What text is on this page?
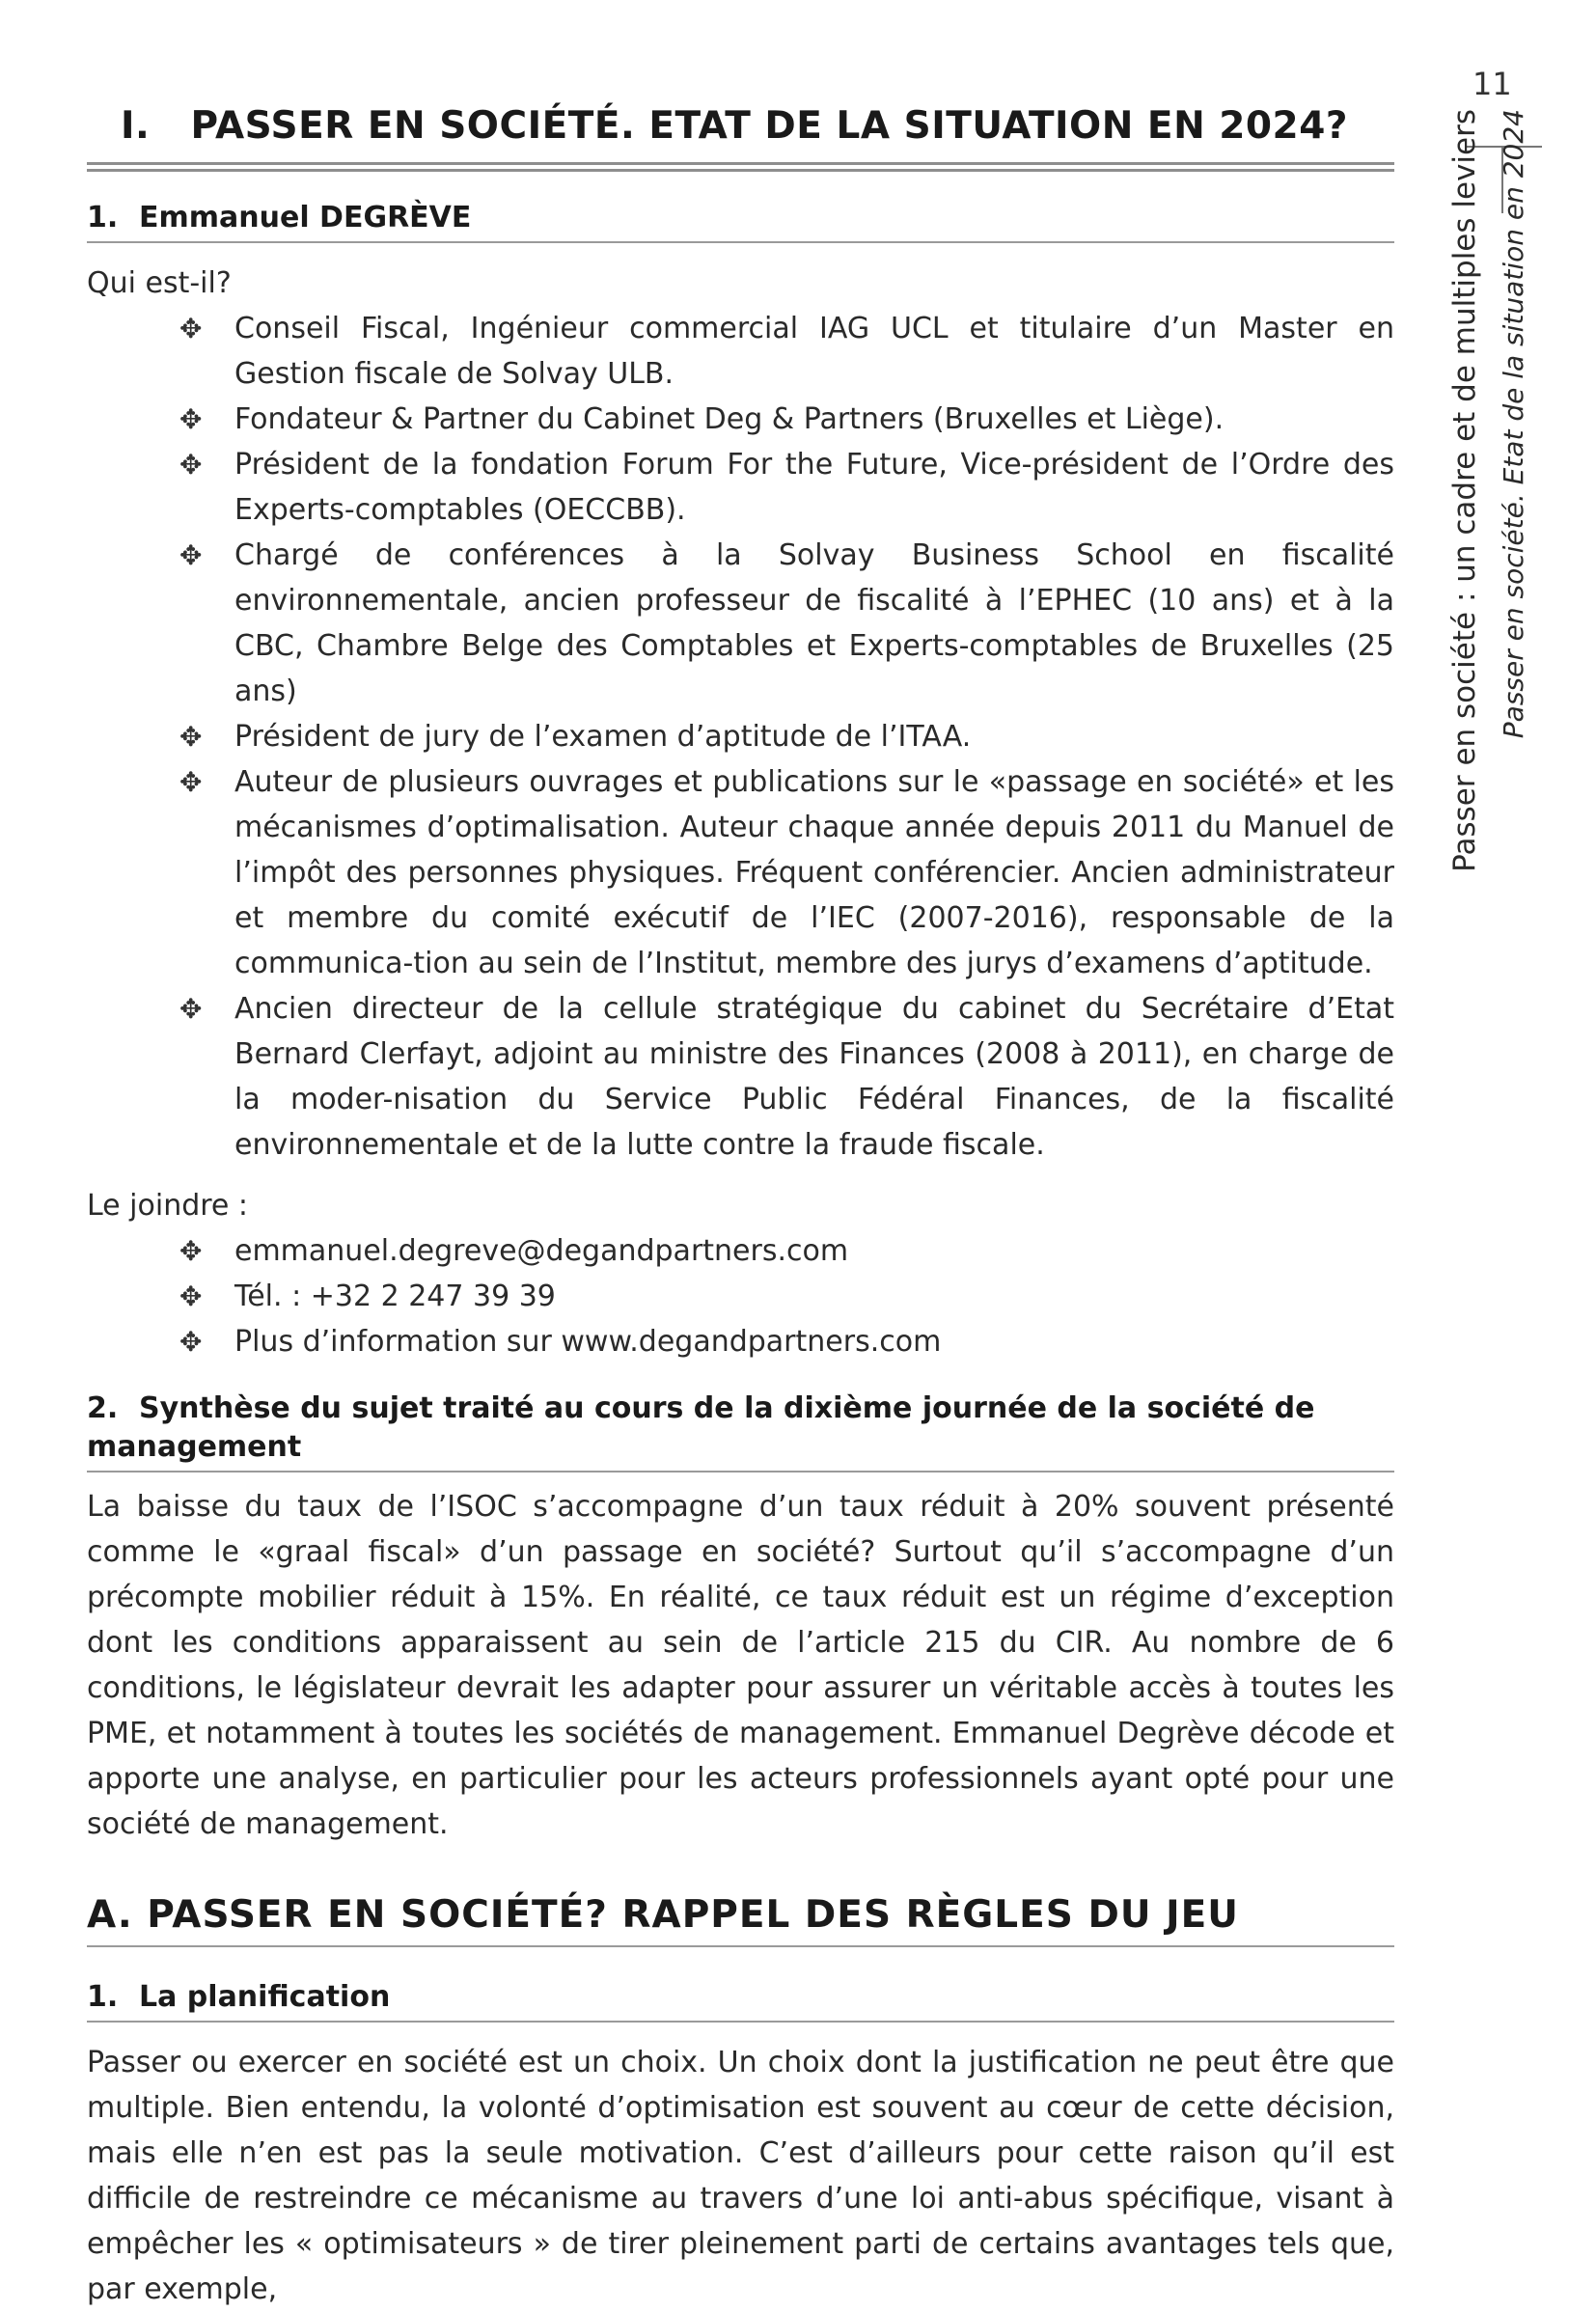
11
Passer en société : un cadre et de multiples leviers Passer en société. Etat de la situation en 2024
I. PASSER EN SOCIÉTÉ. ETAT DE LA SITUATION EN 2024?
1. Emmanuel DEGRÈVE
Qui est-il?
✥ Conseil Fiscal, Ingénieur commercial IAG UCL et titulaire d’un Master en Gestion fiscale de Solvay ULB.
✥ Fondateur & Partner du Cabinet Deg & Partners (Bruxelles et Liège).
✥ Président de la fondation Forum For the Future, Vice-président de l’Ordre des Experts-comptables (OECCBB).
✥ Chargé de conférences à la Solvay Business School en fiscalité environnementale, ancien professeur de fiscalité à l’EPHEC (10 ans) et à la CBC, Chambre Belge des Comptables et Experts-comptables de Bruxelles (25 ans)
✥ Président de jury de l’examen d’aptitude de l’ITAA.
✥ Auteur de plusieurs ouvrages et publications sur le «passage en société» et les mécanismes d’optimalisation. Auteur chaque année depuis 2011 du Manuel de l’impôt des personnes physiques. Fréquent conférencier. Ancien administrateur et membre du comité exécutif de l’IEC (2007-2016), responsable de la communica-tion au sein de l’Institut, membre des jurys d’examens d’aptitude.
✥ Ancien directeur de la cellule stratégique du cabinet du Secrétaire d’Etat Bernard Clerfayt, adjoint au ministre des Finances (2008 à 2011), en charge de la moder-nisation du Service Public Fédéral Finances, de la fiscalité environnementale et de la lutte contre la fraude fiscale.
Le joindre :
✥ emmanuel.degreve@degandpartners.com
✥ Tél. : +32 2 247 39 39
✥ Plus d’information sur www.degandpartners.com
2. Synthèse du sujet traité au cours de la dixième journée de la société de management

La baisse du taux de l’ISOC s’accompagne d’un taux réduit à 20% souvent présenté comme le «graal fiscal» d’un passage en société? Surtout qu’il s’accompagne d’un précompte mobilier réduit à 15%. En réalité, ce taux réduit est un régime d’exception dont les conditions apparaissent au sein de l’article 215 du CIR. Au nombre de 6 conditions, le législateur devrait les adapter pour assurer un véritable accès à toutes les PME, et notamment à toutes les sociétés de management. Emmanuel Degrève décode et apporte une analyse, en particulier pour les acteurs professionnels ayant opté pour une société de management.

A. PASSER EN SOCIÉTÉ? RAPPEL DES RÈGLES DU JEU
1. La planification

Passer ou exercer en société est un choix. Un choix dont la justification ne peut être que multiple. Bien entendu, la volonté d’optimisation est souvent au cœur de cette décision, mais elle n’en est pas la seule motivation. C’est d’ailleurs pour cette raison qu’il est difficile de restreindre ce mécanisme au travers d’une loi anti-abus spécifique, visant à empêcher les « optimisateurs » de tirer pleinement parti de certains avantages tels que, par exemple,
